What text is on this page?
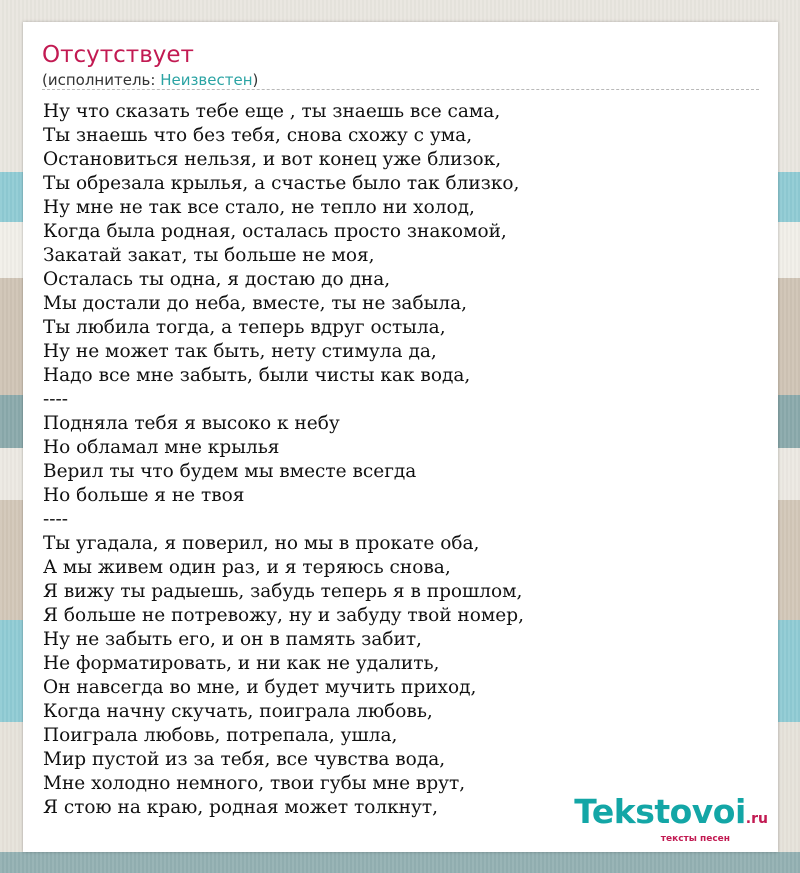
Отсутствует
(исполнитель: Неизвестен)
Ну что сказать тебе еще , ты знаешь все сама,
Ты знаешь что без тебя, снова схожу с ума,
Остановиться нельзя, и вот конец уже близок,
Ты обрезала крылья, а счастье было так близко,
Ну мне не так все стало, не тепло ни холод,
Когда была родная, осталась просто знакомой,
Закатай закат, ты больше не моя,
Осталась ты одна, я достаю до дна,
Мы достали до неба, вместе, ты не забыла,
Ты любила тогда, а теперь вдруг остыла,
Ну не может так быть, нету стимула да,
Надо все мне забыть, были чисты как вода,
----
Подняла тебя я высоко к небу
Но обламал мне крылья
Верил ты что будем мы вместе всегда
Но больше я не твоя
----
Ты угадала, я поверил, но мы в прокате оба,
А мы живем один раз, и я теряюсь снова,
Я вижу ты радыешь, забудь теперь я в прошлом,
Я больше не потревожу, ну и забуду твой номер,
Ну не забыть его, и он в память забит,
Не форматировать, и ни как не удалить,
Он навсегда во мне, и будет мучить приход,
Когда начну скучать, поиграла любовь,
Поиграла любовь, потрепала, ушла,
Мир пустой из за тебя, все чувства вода,
Мне холодно немного, твои губы мне врут,
Я стою на краю, родная может толкнут,	Tekstovoi.ru
тексты песен
